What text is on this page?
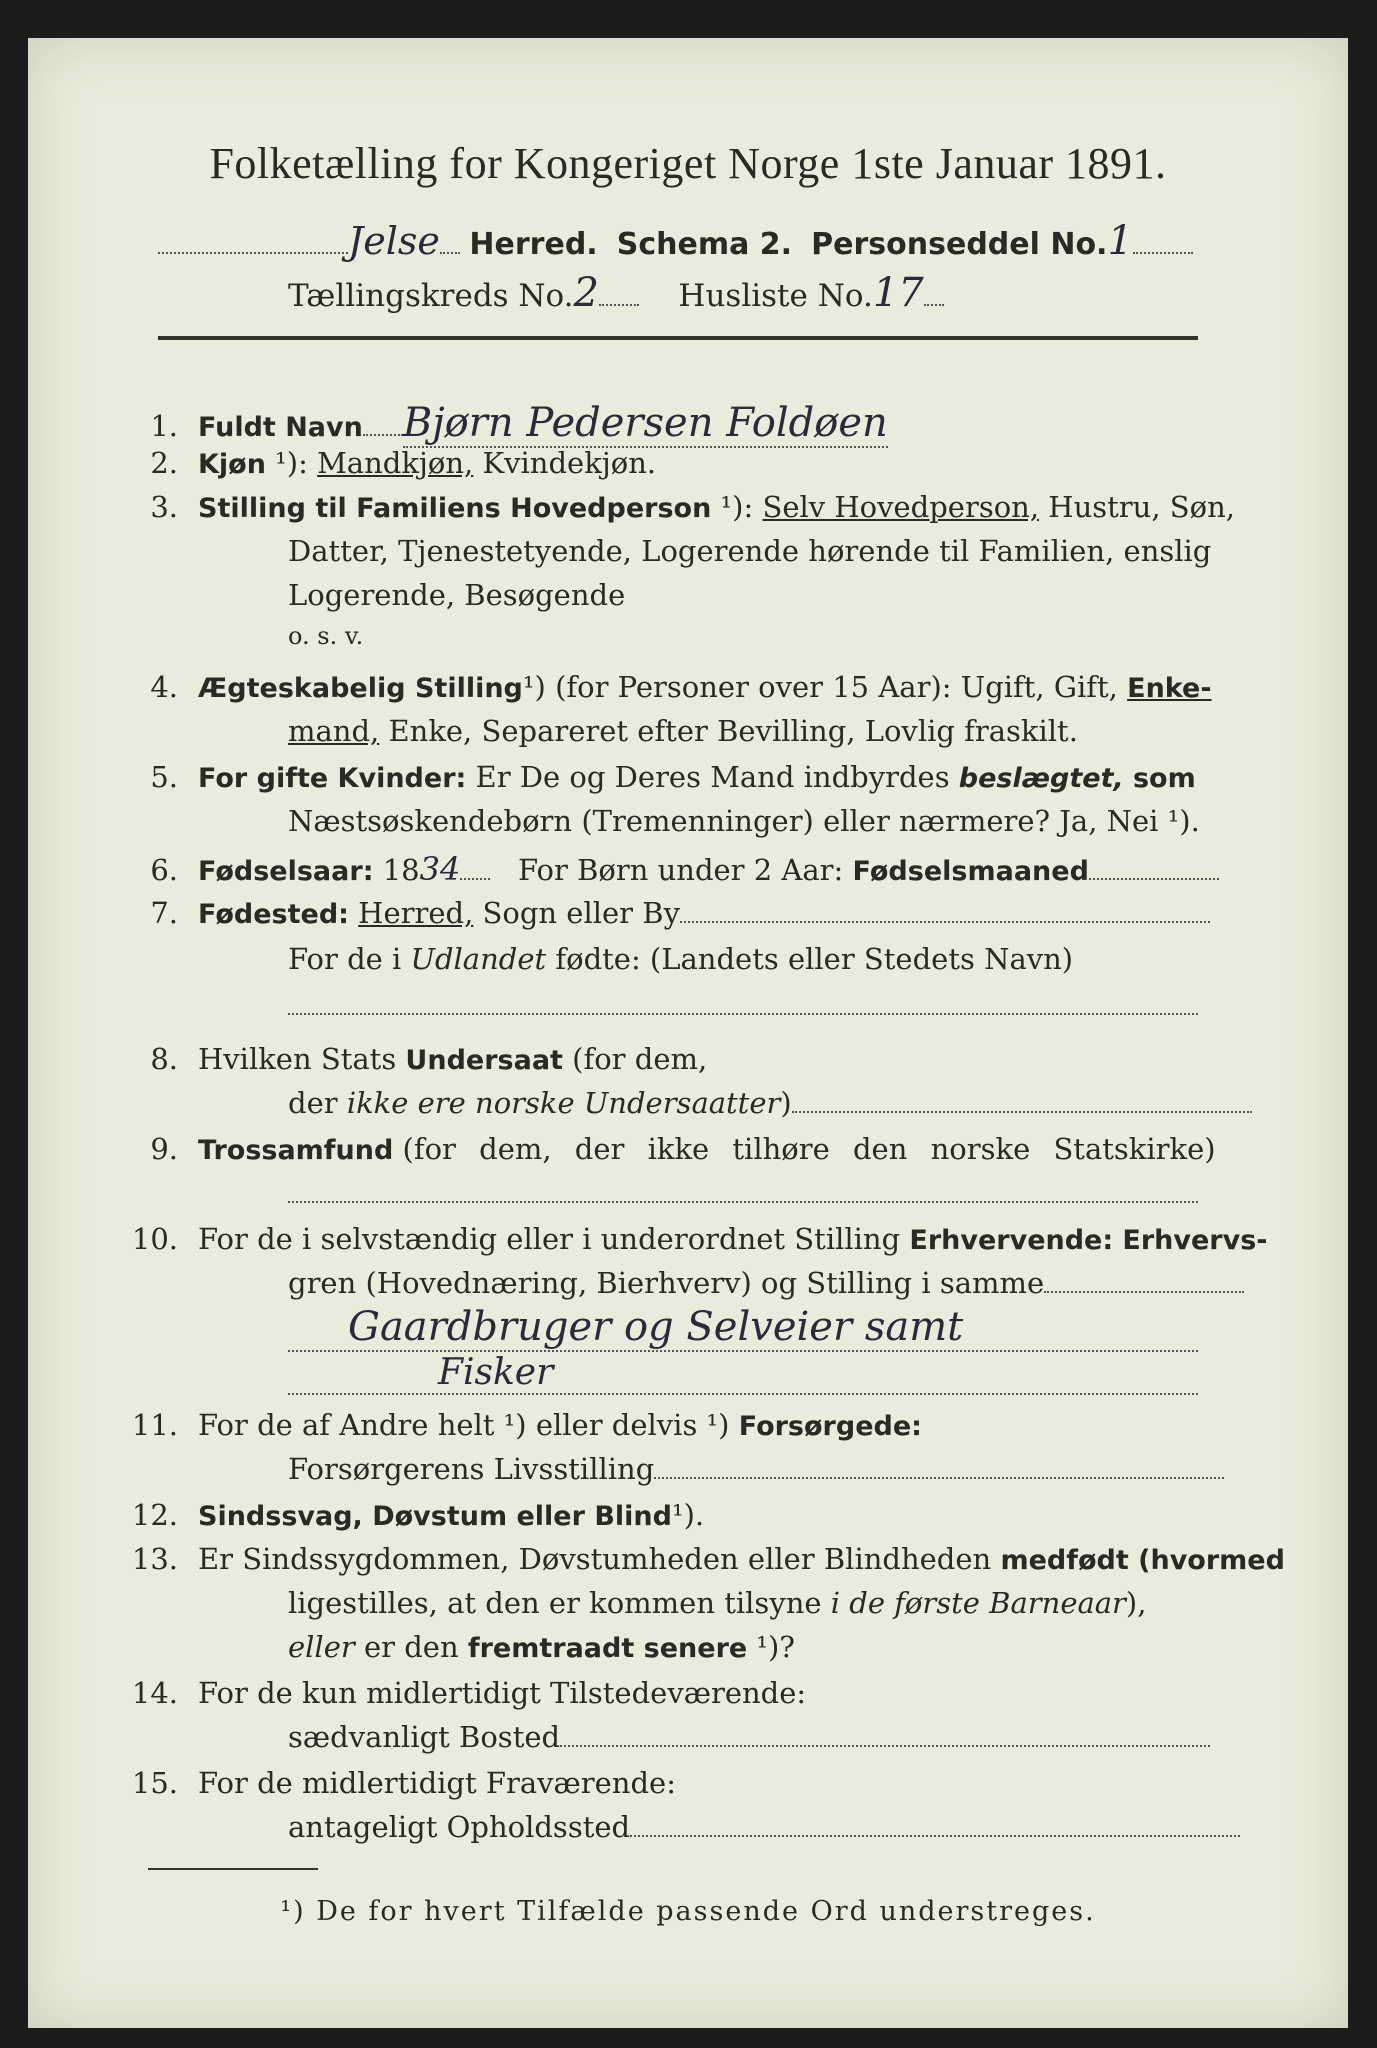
Folketælling for Kongeriget Norge 1ste Januar 1891.
Jelse Herred. Schema 2. Personseddel No.1
Tællingskreds No.2	Husliste No.17
1. Fuldt Navn Bjørn Pedersen Foldøen
2. Kjøn ¹): Mandkjøn, Kvindekjøn.
3. Stilling til Familiens Hovedperson ¹): Selv Hovedperson, Hustru, Søn,
Datter, Tjenestetyende, Logerende hørende til Familien, enslig
Logerende, Besøgende
o. s. v.
4. Ægteskabelig Stilling¹) (for Personer over 15 Aar): Ugift, Gift, Enke-
mand, Enke, Separeret efter Bevilling, Lovlig fraskilt.
5. For gifte Kvinder: Er De og Deres Mand indbyrdes beslægtet, som
Næstsøskendebørn (Tremenninger) eller nærmere? Ja, Nei ¹).
6. Fødselsaar: 1834 For Børn under 2 Aar: Fødselsmaaned
7. Fødested: Herred, Sogn eller By
For de i Udlandet fødte: (Landets eller Stedets Navn)
8. Hvilken Stats Undersaat (for dem,
der ikke ere norske Undersaatter)
9. Trossamfund (for dem, der ikke tilhøre den norske Statskirke)
10. For de i selvstændig eller i underordnet Stilling Erhvervende: Erhvervs-
gren (Hovednæring, Bierhverv) og Stilling i samme
Gaardbruger og Selveier samt
Fisker
11. For de af Andre helt ¹) eller delvis ¹) Forsørgede:
Forsørgerens Livsstilling
12. Sindssvag, Døvstum eller Blind¹).
13. Er Sindssygdommen, Døvstumheden eller Blindheden medfødt (hvormed
ligestilles, at den er kommen tilsyne i de første Barneaar),
eller er den fremtraadt senere ¹)?
14. For de kun midlertidigt Tilstedeværende:
sædvanligt Bosted
15. For de midlertidigt Fraværende:
antageligt Opholdssted
¹) De for hvert Tilfælde passende Ord understreges.
